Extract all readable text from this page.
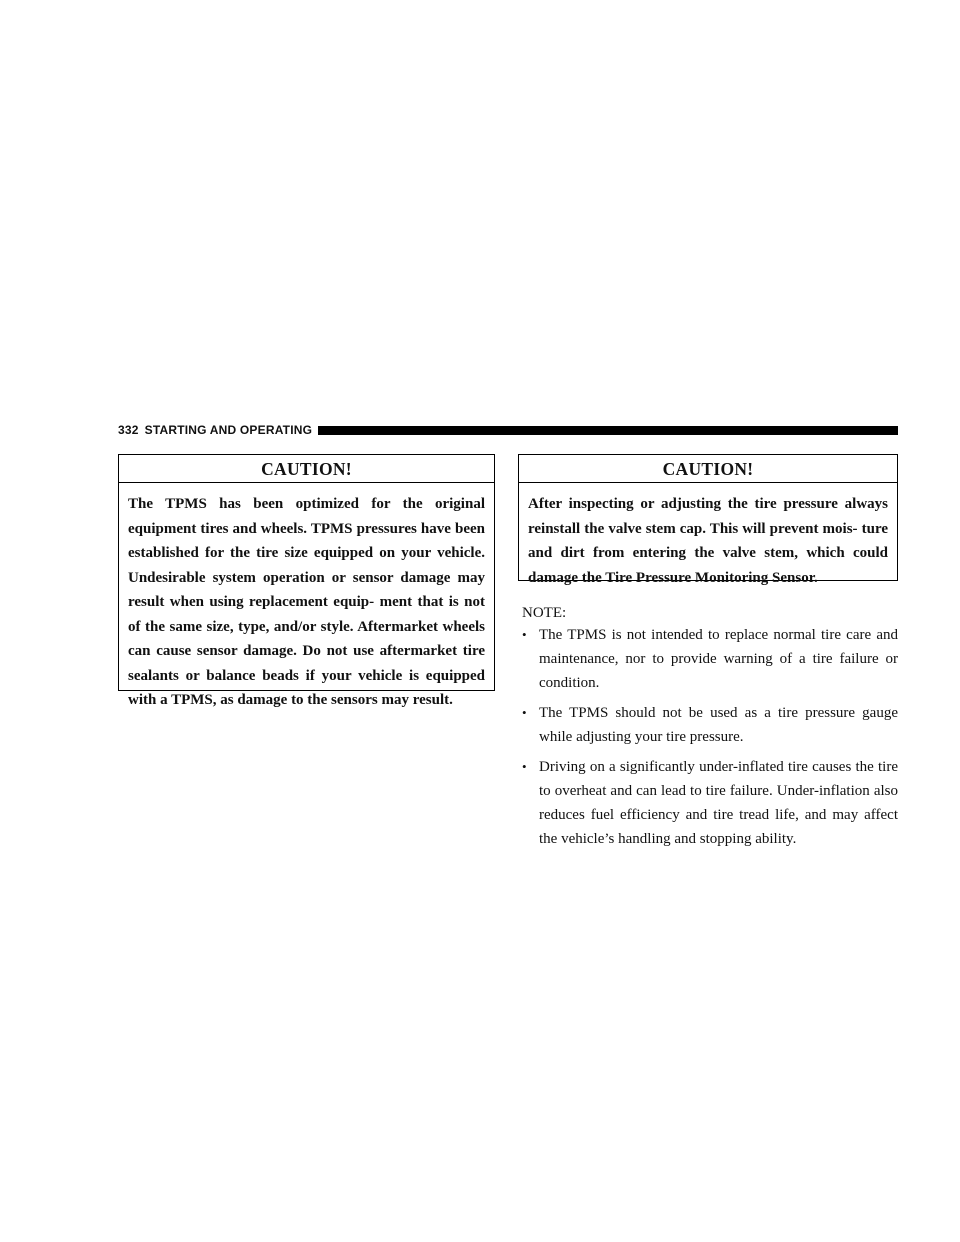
332 STARTING AND OPERATING
CAUTION!
The TPMS has been optimized for the original equipment tires and wheels. TPMS pressures have been established for the tire size equipped on your vehicle. Undesirable system operation or sensor damage may result when using replacement equip- ment that is not of the same size, type, and/or style. Aftermarket wheels can cause sensor damage. Do not use aftermarket tire sealants or balance beads if your vehicle is equipped with a TPMS, as damage to the sensors may result.
CAUTION!
After inspecting or adjusting the tire pressure always reinstall the valve stem cap. This will prevent mois- ture and dirt from entering the valve stem, which could damage the Tire Pressure Monitoring Sensor.
NOTE:
• The TPMS is not intended to replace normal tire care and maintenance, nor to provide warning of a tire failure or condition.
• The TPMS should not be used as a tire pressure gauge while adjusting your tire pressure.
• Driving on a significantly under-inflated tire causes the tire to overheat and can lead to tire failure. Under-inflation also reduces fuel efficiency and tire tread life, and may affect the vehicle’s handling and stopping ability.
